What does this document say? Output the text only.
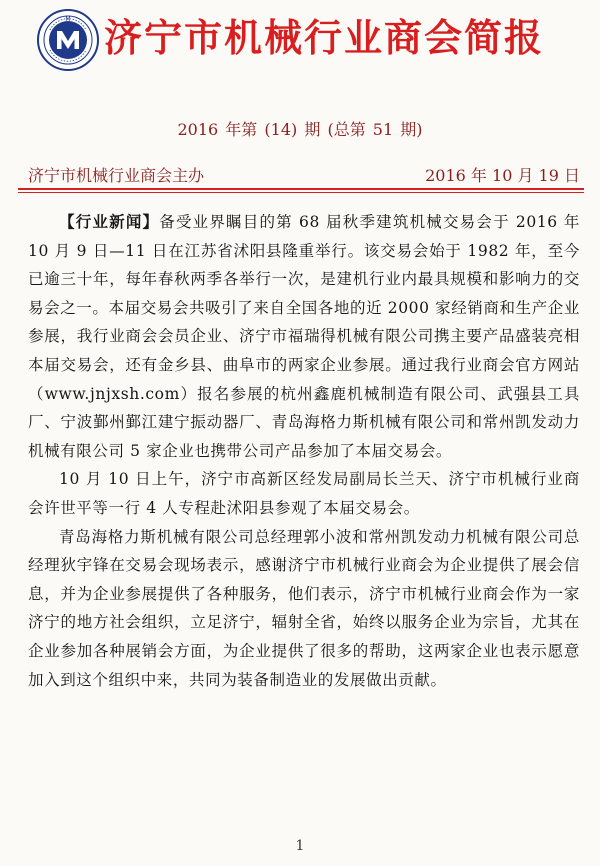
M 济宁市机械行业商会简报
2016 年第 (14) 期 (总第 51 期)
济宁市机械行业商会主办	2016 年 10 月 19 日

【行业新闻】备受业界瞩目的第 68 届秋季建筑机械交易会于 2016 年 10 月 9 日—11 日在江苏省沭阳县隆重举行。该交易会始于 1982 年，至今已逾三十年，每年春秋两季各举行一次，是建机行业内最具规模和影响力的交易会之一。本届交易会共吸引了来自全国各地的近 2000 家经销商和生产企业参展，我行业商会会员企业、济宁市福瑞得机械有限公司携主要产品盛装亮相本届交易会，还有金乡县、曲阜市的两家企业参展。通过我行业商会官方网站（www.jnjxsh.com）报名参展的杭州鑫鹿机械制造有限公司、武强县工具厂、宁波鄞州鄞江建宁振动器厂、青岛海格力斯机械有限公司和常州凯发动力机械有限公司 5 家企业也携带公司产品参加了本届交易会。

10 月 10 日上午，济宁市高新区经发局副局长兰天、济宁市机械行业商会许世平等一行 4 人专程赴沭阳县参观了本届交易会。

青岛海格力斯机械有限公司总经理郭小波和常州凯发动力机械有限公司总经理狄宇锋在交易会现场表示，感谢济宁市机械行业商会为企业提供了展会信息，并为企业参展提供了各种服务，他们表示，济宁市机械行业商会作为一家济宁的地方社会组织，立足济宁，辐射全省，始终以服务企业为宗旨，尤其在企业参加各种展销会方面，为企业提供了很多的帮助，这两家企业也表示愿意加入到这个组织中来，共同为装备制造业的发展做出贡献。

1
